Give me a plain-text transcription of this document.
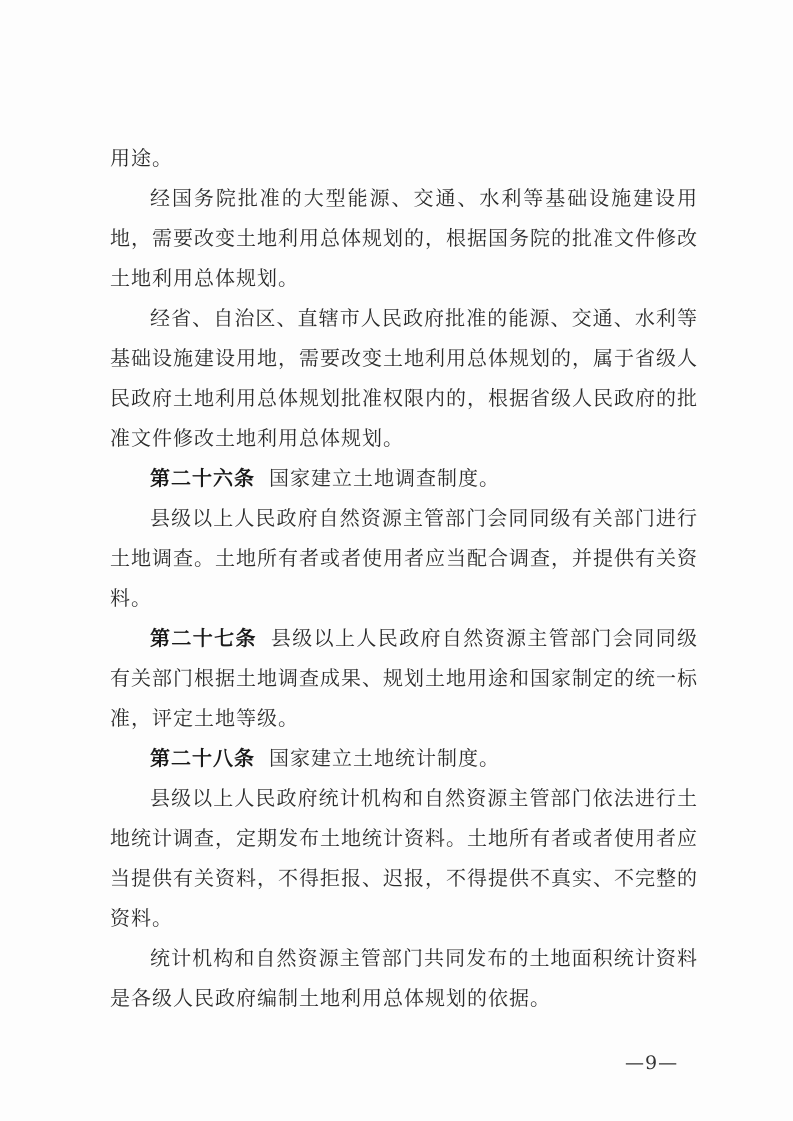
用途。

经国务院批准的大型能源、交通、水利等基础设施建设用地，需要改变土地利用总体规划的，根据国务院的批准文件修改土地利用总体规划。

经省、自治区、直辖市人民政府批准的能源、交通、水利等基础设施建设用地，需要改变土地利用总体规划的，属于省级人民政府土地利用总体规划批准权限内的，根据省级人民政府的批准文件修改土地利用总体规划。

第二十六条 国家建立土地调查制度。

县级以上人民政府自然资源主管部门会同同级有关部门进行土地调查。土地所有者或者使用者应当配合调查，并提供有关资料。

第二十七条 县级以上人民政府自然资源主管部门会同同级有关部门根据土地调查成果、规划土地用途和国家制定的统一标准，评定土地等级。

第二十八条 国家建立土地统计制度。

县级以上人民政府统计机构和自然资源主管部门依法进行土地统计调查，定期发布土地统计资料。土地所有者或者使用者应当提供有关资料，不得拒报、迟报，不得提供不真实、不完整的资料。

统计机构和自然资源主管部门共同发布的土地面积统计资料是各级人民政府编制土地利用总体规划的依据。

—9—
